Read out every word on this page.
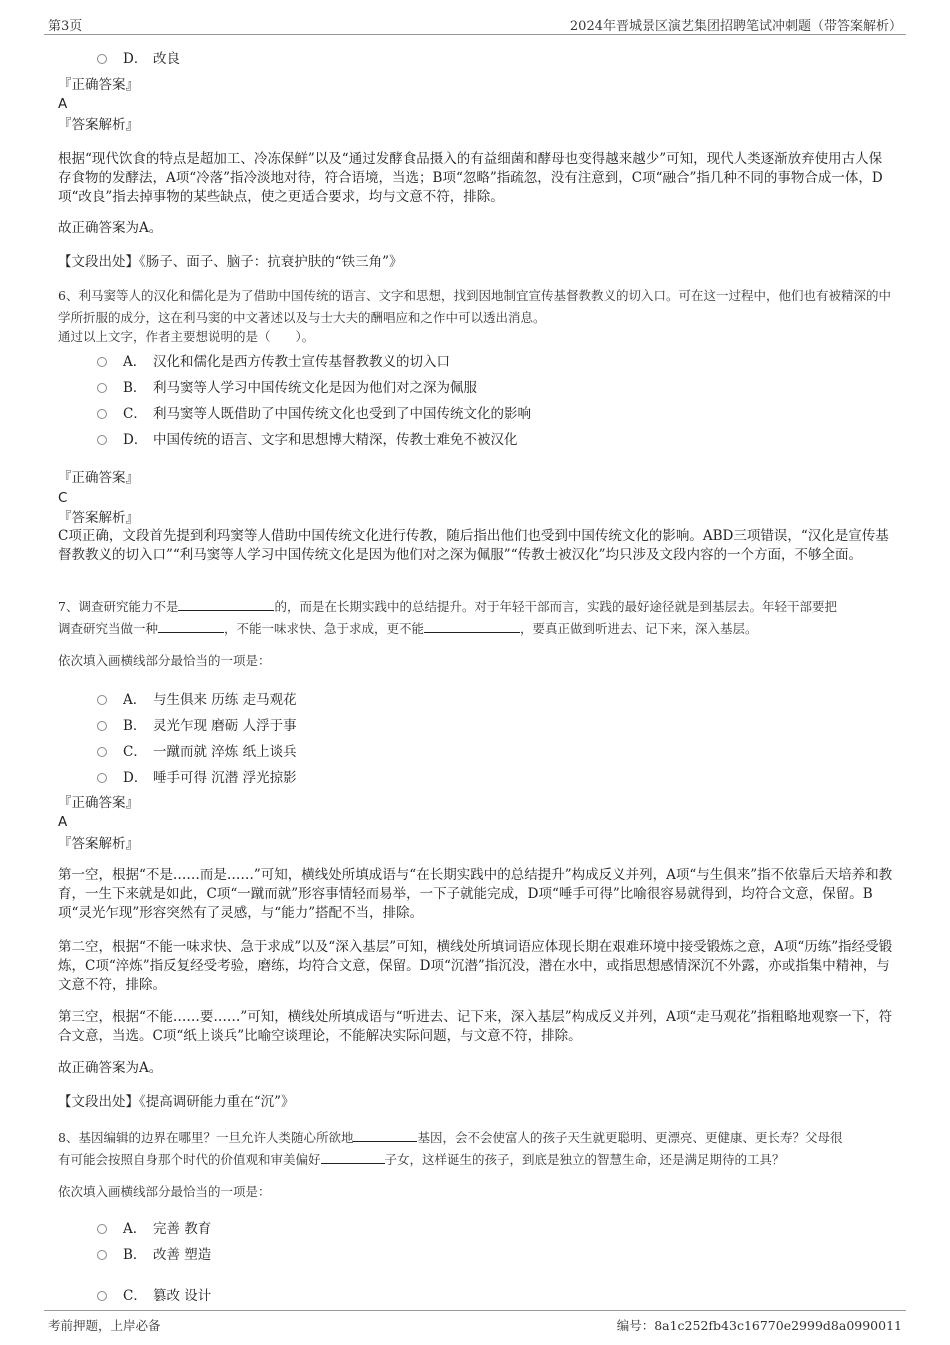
第3页	2024年晋城景区演艺集团招聘笔试冲刺题（带答案解析）
D． 改良
『正确答案』
A
『答案解析』
根据“现代饮食的特点是超加工、冷冻保鲜”以及“通过发酵食品摄入的有益细菌和酵母也变得越来越少”可知，现代人类逐渐放弃使用古人保存食物的发酵法，A项“冷落”指冷淡地对待，符合语境，当选；B项“忽略”指疏忽，没有注意到，C项“融合”指几种不同的事物合成一体，D项“改良”指去掉事物的某些缺点，使之更适合要求，均与文意不符，排除。
故正确答案为A。
【文段出处】《肠子、面子、脑子：抗衰护肤的“铁三角”》
6、利马窦等人的汉化和儒化是为了借助中国传统的语言、文字和思想，找到因地制宜宣传基督教教义的切入口。可在这一过程中，他们也有被精深的中学所折服的成分，这在利马窦的中文著述以及与士大夫的酬唱应和之作中可以透出消息。
通过以上文字，作者主要想说明的是（　　）。
A． 汉化和儒化是西方传教士宣传基督教教义的切入口
B． 利马窦等人学习中国传统文化是因为他们对之深为佩服
C． 利马窦等人既借助了中国传统文化也受到了中国传统文化的影响
D． 中国传统的语言、文字和思想博大精深，传教士难免不被汉化
『正确答案』
C
『答案解析』
C项正确，文段首先提到利玛窦等人借助中国传统文化进行传教，随后指出他们也受到中国传统文化的影响。ABD三项错误，“汉化是宣传基督教教义的切入口”“利马窦等人学习中国传统文化是因为他们对之深为佩服”“传教士被汉化”均只涉及文段内容的一个方面，不够全面。
7、调查研究能力不是	的，而是在长期实践中的总结提升。对于年轻干部而言，实践的最好途径就是到基层去。年轻干部要把
调查研究当做一种	，不能一味求快、急于求成，更不能	，要真正做到听进去、记下来，深入基层。
依次填入画横线部分最恰当的一项是：
A． 与生俱来 历练 走马观花
B． 灵光乍现 磨砺 人浮于事
C． 一蹴而就 淬炼 纸上谈兵
D． 唾手可得 沉潜 浮光掠影
『正确答案』
A
『答案解析』
第一空，根据“不是……而是……”可知，横线处所填成语与“在长期实践中的总结提升”构成反义并列，A项“与生俱来”指不依靠后天培养和教育，一生下来就是如此，C项“一蹴而就”形容事情轻而易举，一下子就能完成，D项“唾手可得”比喻很容易就得到，均符合文意，保留。B项“灵光乍现”形容突然有了灵感，与“能力”搭配不当，排除。
第二空，根据“不能一味求快、急于求成”以及“深入基层”可知，横线处所填词语应体现长期在艰难环境中接受锻炼之意，A项“历练”指经受锻炼，C项“淬炼”指反复经受考验，磨练，均符合文意，保留。D项“沉潜”指沉没，潜在水中，或指思想感情深沉不外露，亦或指集中精神，与文意不符，排除。
第三空，根据“不能……要……”可知，横线处所填成语与“听进去、记下来，深入基层”构成反义并列，A项“走马观花”指粗略地观察一下，符合文意，当选。C项“纸上谈兵”比喻空谈理论，不能解决实际问题，与文意不符，排除。
故正确答案为A。
【文段出处】《提高调研能力重在“沉”》
8、基因编辑的边界在哪里？一旦允许人类随心所欲地	基因，会不会使富人的孩子天生就更聪明、更漂亮、更健康、更长寿？父母很
有可能会按照自身那个时代的价值观和审美偏好	子女，这样诞生的孩子，到底是独立的智慧生命，还是满足期待的工具？
依次填入画横线部分最恰当的一项是：
A． 完善 教育
B． 改善 塑造
C． 篡改 设计
考前押题，上岸必备	编号：8a1c252fb43c16770e2999d8a0990011
